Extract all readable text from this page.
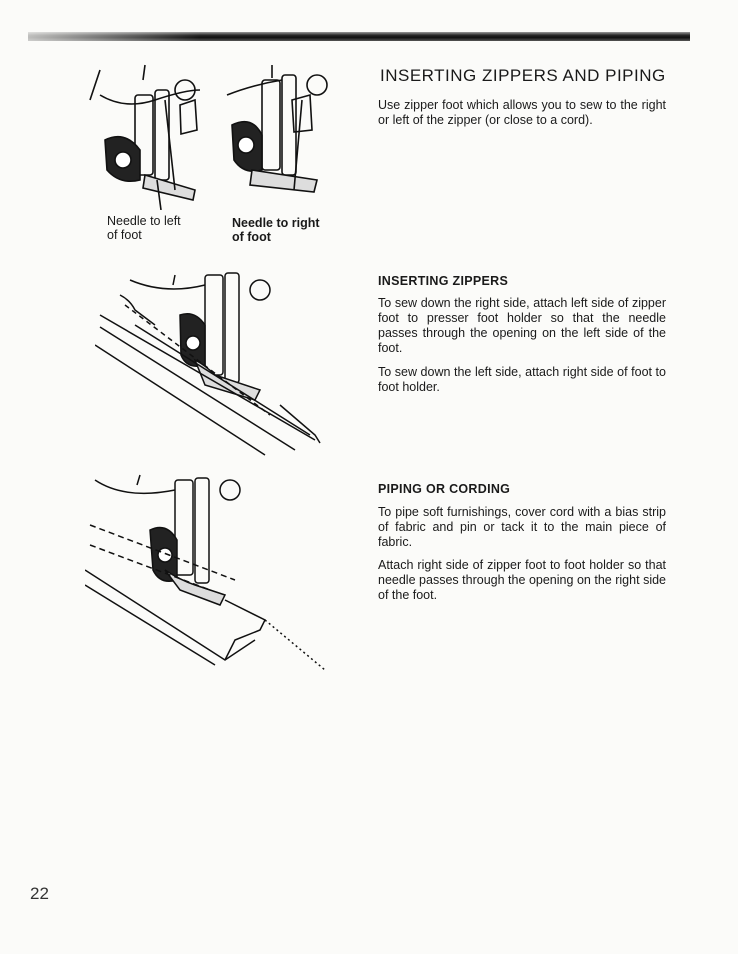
Needle to left
of foot
Needle to right
of foot
INSERTING ZIPPERS AND PIPING

Use zipper foot which allows you to sew to the right or left of the zipper (or close to a cord).

INSERTING ZIPPERS

To sew down the right side, attach left side of zipper foot to presser foot holder so that the needle passes through the opening on the left side of the foot.

To sew down the left side, attach right side of foot to foot holder.

PIPING OR CORDING

To pipe soft furnishings, cover cord with a bias strip of fabric and pin or tack it to the main piece of fabric.

Attach right side of zipper foot to foot holder so that needle passes through the opening on the right side of the foot.

22
